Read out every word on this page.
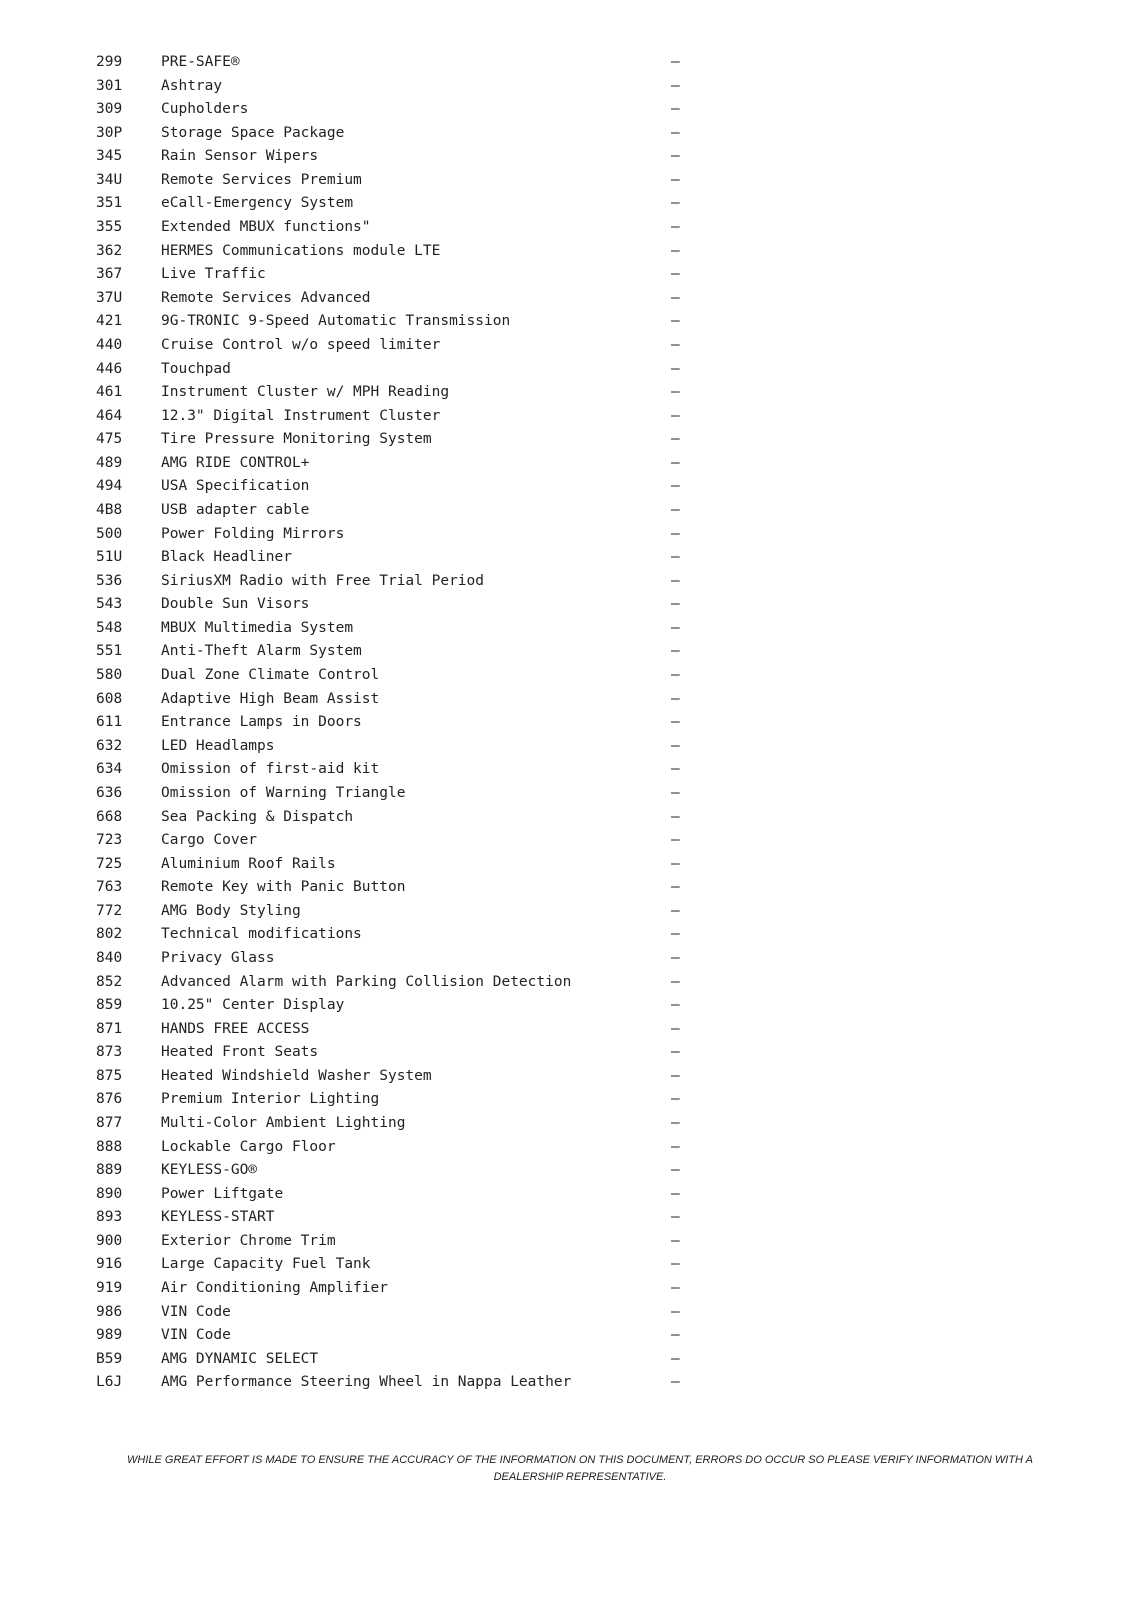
299	PRE-SAFE®	—
301	Ashtray	—
309	Cupholders	—
30P	Storage Space Package	—
345	Rain Sensor Wipers	—
34U	Remote Services Premium	—
351	eCall-Emergency System	—
355	Extended MBUX functions"	—
362	HERMES Communications module LTE	—
367	Live Traffic	—
37U	Remote Services Advanced	—
421	9G-TRONIC 9-Speed Automatic Transmission	—
440	Cruise Control w/o speed limiter	—
446	Touchpad	—
461	Instrument Cluster w/ MPH Reading	—
464	12.3" Digital Instrument Cluster	—
475	Tire Pressure Monitoring System	—
489	AMG RIDE CONTROL+	—
494	USA Specification	—
4B8	USB adapter cable	—
500	Power Folding Mirrors	—
51U	Black Headliner	—
536	SiriusXM Radio with Free Trial Period	—
543	Double Sun Visors	—
548	MBUX Multimedia System	—
551	Anti-Theft Alarm System	—
580	Dual Zone Climate Control	—
608	Adaptive High Beam Assist	—
611	Entrance Lamps in Doors	—
632	LED Headlamps	—
634	Omission of first-aid kit	—
636	Omission of Warning Triangle	—
668	Sea Packing & Dispatch	—
723	Cargo Cover	—
725	Aluminium Roof Rails	—
763	Remote Key with Panic Button	—
772	AMG Body Styling	—
802	Technical modifications	—
840	Privacy Glass	—
852	Advanced Alarm with Parking Collision Detection	—
859	10.25" Center Display	—
871	HANDS FREE ACCESS	—
873	Heated Front Seats	—
875	Heated Windshield Washer System	—
876	Premium Interior Lighting	—
877	Multi-Color Ambient Lighting	—
888	Lockable Cargo Floor	—
889	KEYLESS-GO®	—
890	Power Liftgate	—
893	KEYLESS-START	—
900	Exterior Chrome Trim	—
916	Large Capacity Fuel Tank	—
919	Air Conditioning Amplifier	—
986	VIN Code	—
989	VIN Code	—
B59	AMG DYNAMIC SELECT	—
L6J	AMG Performance Steering Wheel in Nappa Leather	—
WHILE GREAT EFFORT IS MADE TO ENSURE THE ACCURACY OF THE INFORMATION ON THIS DOCUMENT, ERRORS DO OCCUR SO PLEASE VERIFY INFORMATION WITH A
DEALERSHIP REPRESENTATIVE.
